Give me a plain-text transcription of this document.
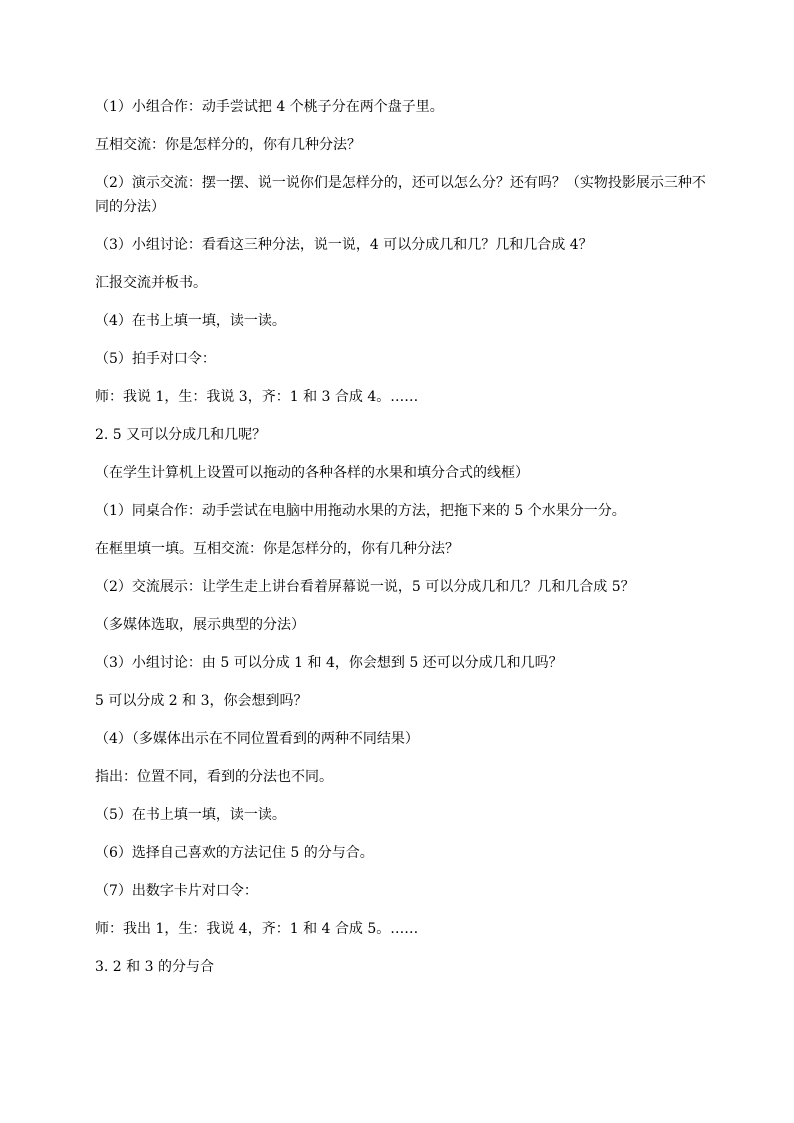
（1）小组合作：动手尝试把 4 个桃子分在两个盘子里。

互相交流：你是怎样分的，你有几种分法？

（2）演示交流：摆一摆、说一说你们是怎样分的，还可以怎么分？还有吗？（实物投影展示三种不同的分法）

（3）小组讨论：看看这三种分法，说一说，4 可以分成几和几？几和几合成 4？

汇报交流并板书。

（4）在书上填一填，读一读。

（5）拍手对口令：

师：我说 1，生：我说 3，齐：1 和 3 合成 4。……

2. 5 又可以分成几和几呢？

（在学生计算机上设置可以拖动的各种各样的水果和填分合式的线框）

（1）同桌合作：动手尝试在电脑中用拖动水果的方法，把拖下来的 5 个水果分一分。

在框里填一填。互相交流：你是怎样分的，你有几种分法？

（2）交流展示：让学生走上讲台看着屏幕说一说，5 可以分成几和几？几和几合成 5？

（多媒体选取，展示典型的分法）

（3）小组讨论：由 5 可以分成 1 和 4，你会想到 5 还可以分成几和几吗？

5 可以分成 2 和 3，你会想到吗？

（4）（多媒体出示在不同位置看到的两种不同结果）

指出：位置不同，看到的分法也不同。

（5）在书上填一填，读一读。

（6）选择自己喜欢的方法记住 5 的分与合。

（7）出数字卡片对口令：

师：我出 1，生：我说 4，齐：1 和 4 合成 5。……

3. 2 和 3 的分与合
